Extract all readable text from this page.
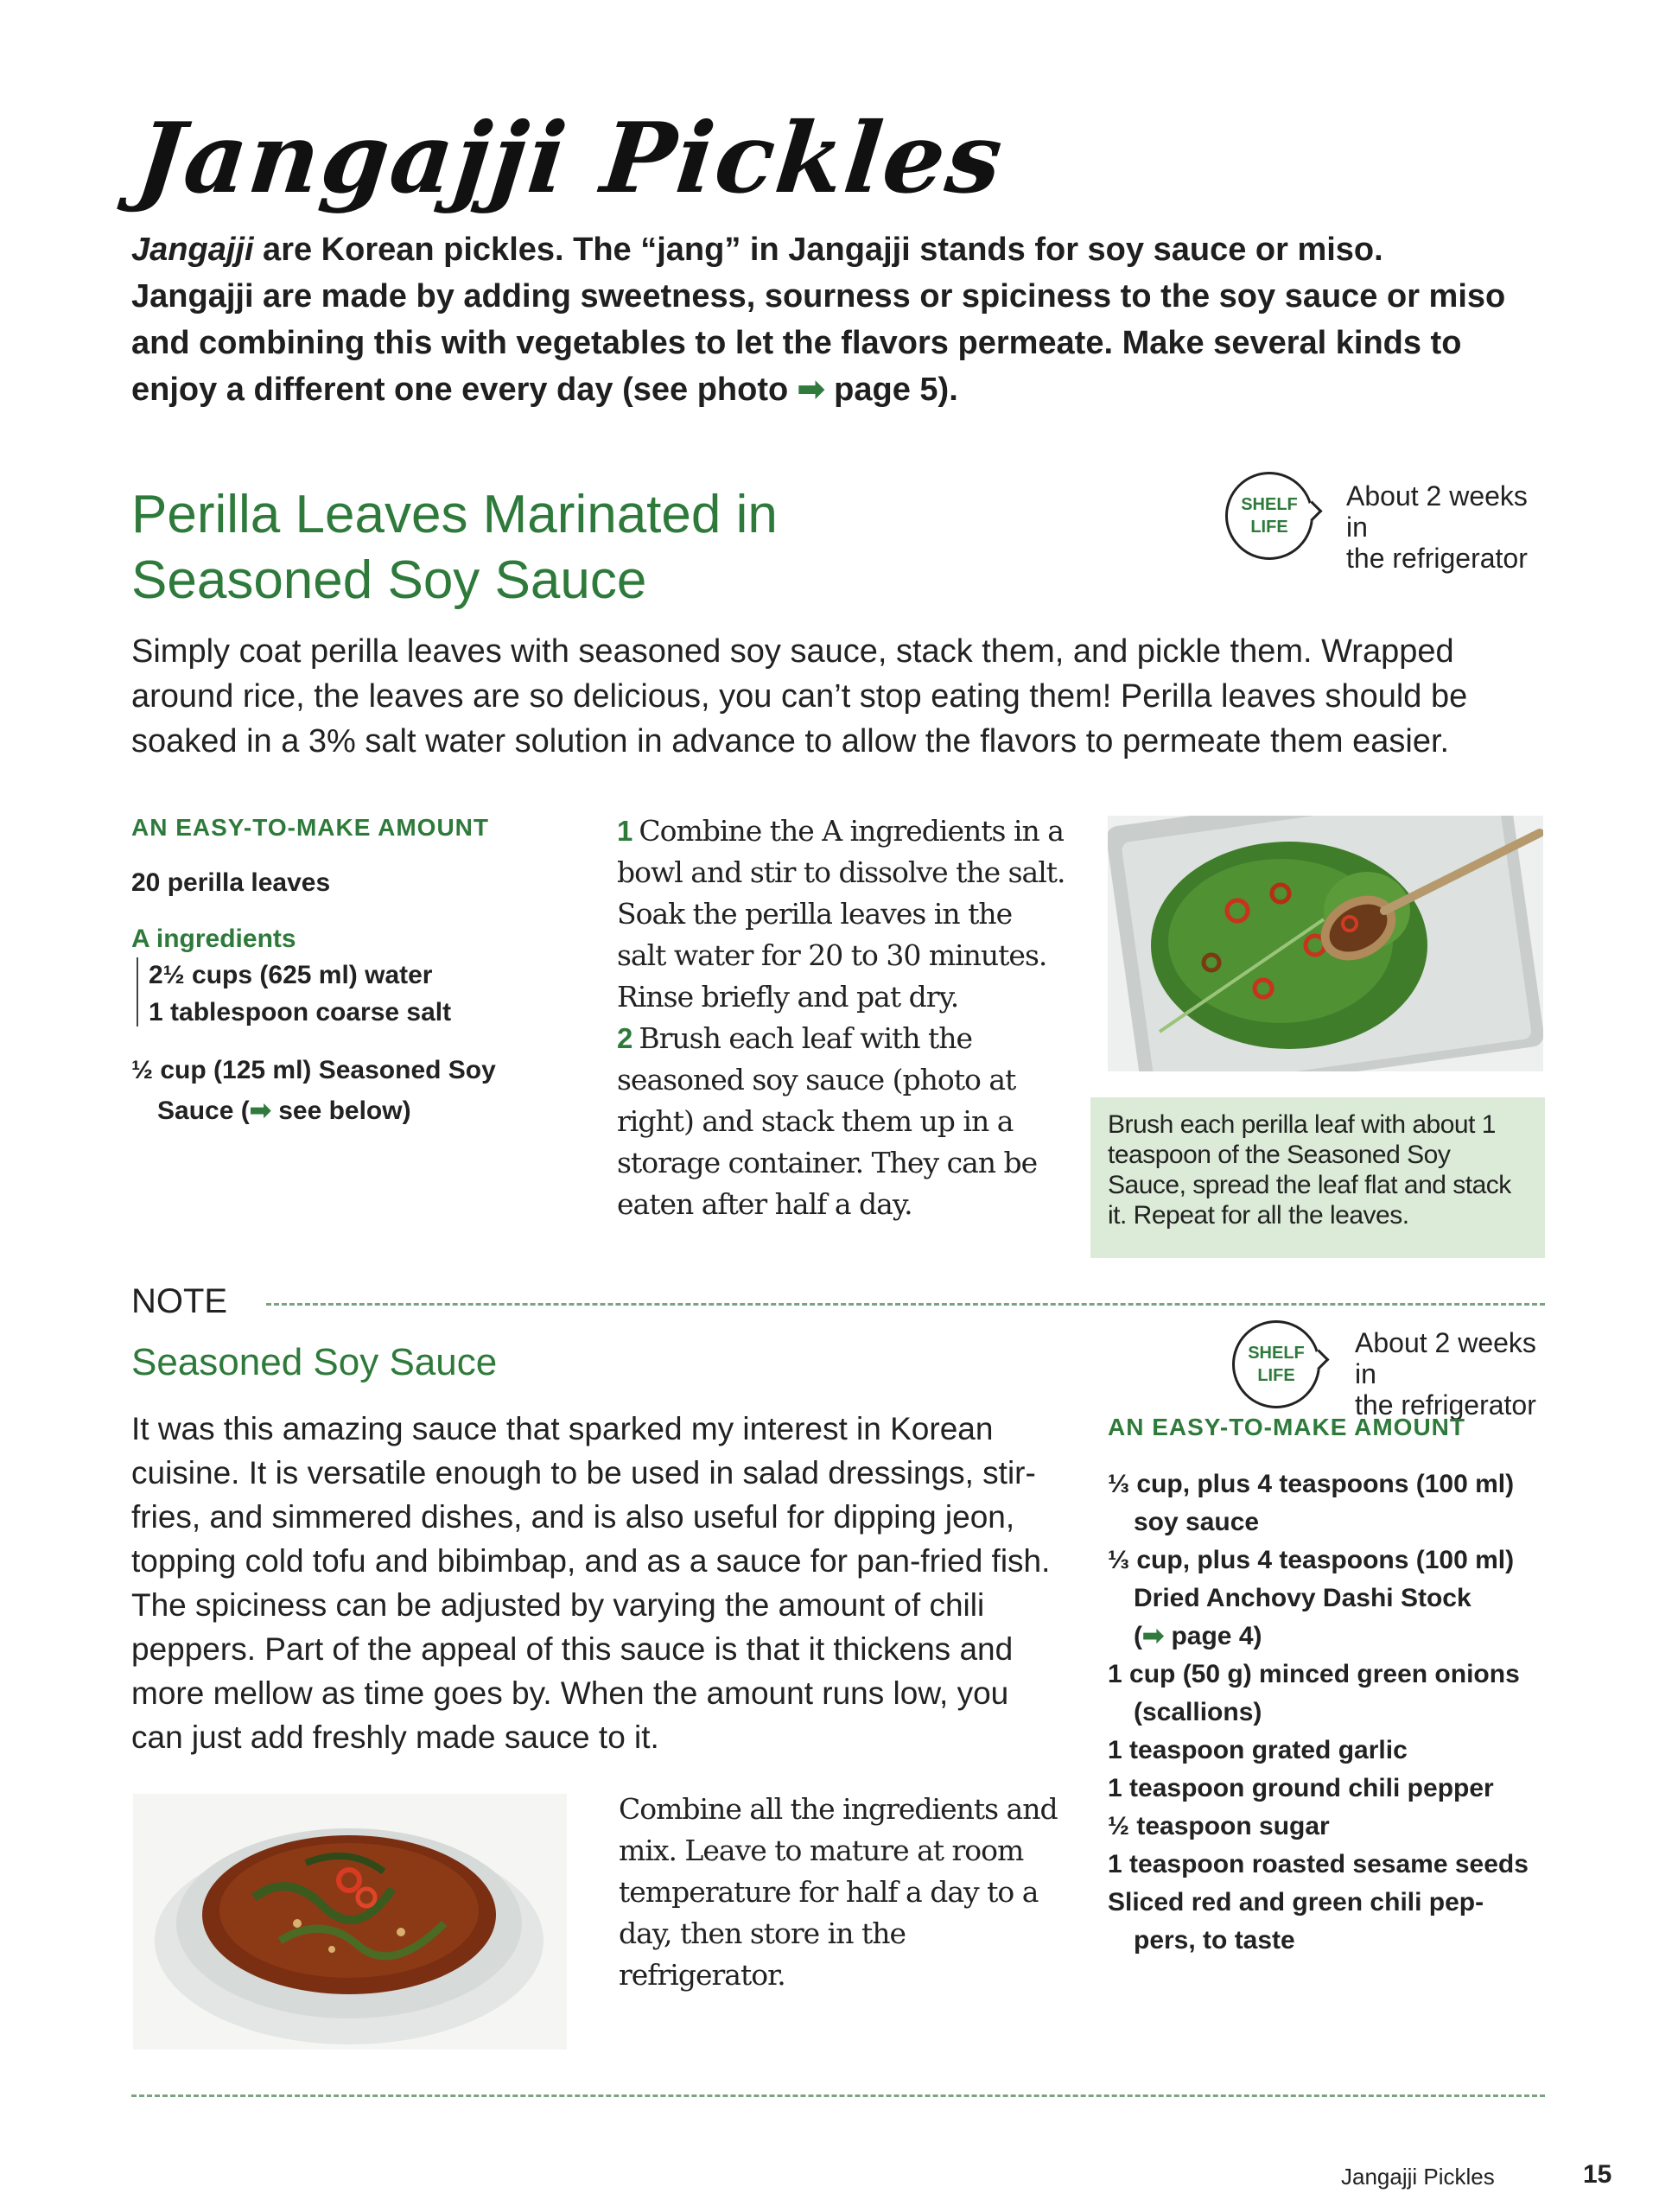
Jangajji Pickles
Jangajji are Korean pickles. The “jang” in Jangajji stands for soy sauce or miso. Jangajji are made by adding sweetness, sourness or spiciness to the soy sauce or miso and combining this with vegetables to let the flavors permeate. Make several kinds to enjoy a different one every day (see photo ➡ page 5).
Perilla Leaves Marinated in
Seasoned Soy Sauce
SHELF
LIFE
About 2 weeks in
the refrigerator
Simply coat perilla leaves with seasoned soy sauce, stack them, and pickle them. Wrapped around rice, the leaves are so delicious, you can’t stop eating them! Perilla leaves should be soaked in a 3% salt water solution in advance to allow the flavors to permeate them easier.
AN EASY-TO-MAKE AMOUNT
20 perilla leaves
A ingredients
2½ cups (625 ml) water
1 tablespoon coarse salt
½ cup (125 ml) Seasoned Soy
Sauce (➡ see below)
1 Combine the A ingredients in a bowl and stir to dissolve the salt. Soak the perilla leaves in the salt water for 20 to 30 minutes. Rinse briefly and pat dry.
2 Brush each leaf with the seasoned soy sauce (photo at right) and stack them up in a storage container. They can be eaten after half a day.
Brush each perilla leaf with about 1 teaspoon of the Seasoned Soy Sauce, spread the leaf flat and stack it. Repeat for all the leaves.
NOTE
Seasoned Soy Sauce	SHELF
LIFE
About 2 weeks in
the refrigerator
It was this amazing sauce that sparked my interest in Korean cuisine. It is versatile enough to be used in salad dressings, stir-fries, and simmered dishes, and is also useful for dipping jeon, topping cold tofu and bibimbap, and as a sauce for pan-fried fish. The spiciness can be adjusted by varying the amount of chili peppers. Part of the appeal of this sauce is that it thickens and more mellow as time goes by. When the amount runs low, you can just add freshly made sauce to it.
Combine all the ingredients and mix. Leave to mature at room temperature for half a day to a day, then store in the refrigerator.
AN EASY-TO-MAKE AMOUNT
⅓ cup, plus 4 teaspoons (100 ml)
soy sauce
⅓ cup, plus 4 teaspoons (100 ml)
Dried Anchovy Dashi Stock
(➡ page 4)
1 cup (50 g) minced green onions
(scallions)
1 teaspoon grated garlic
1 teaspoon ground chili pepper
½ teaspoon sugar
1 teaspoon roasted sesame seeds
Sliced red and green chili pep-
pers, to taste
Jangajji Pickles	15
